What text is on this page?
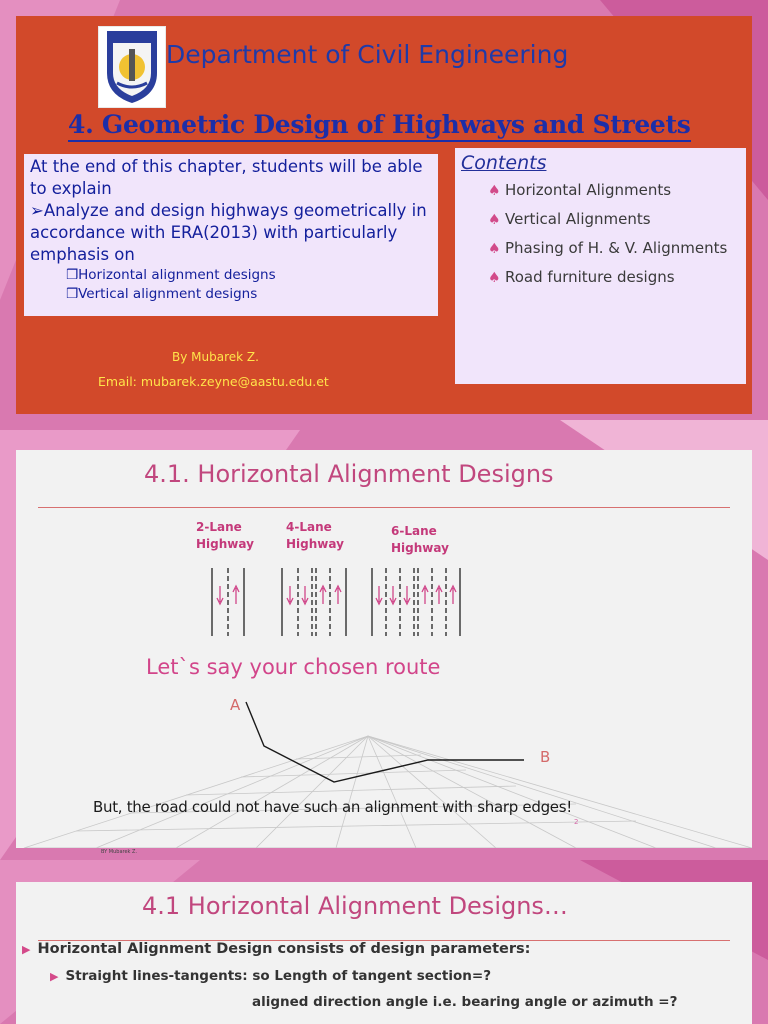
Department of Civil Engineering
4. Geometric Design of Highways and Streets
At the end of this chapter, students will be able to explain
➢Analyze and design highways geometrically in accordance with ERA(2013) with particularly emphasis on
❒Horizontal alignment designs
❒Vertical alignment designs
Contents
♠ Horizontal Alignments
♠ Vertical Alignments
♠ Phasing of H. & V. Alignments
♠ Road furniture designs
By Mubarek Z.
Email: mubarek.zeyne@aastu.edu.et
4.1. Horizontal Alignment Designs
2-Lane
Highway
4-Lane
Highway
6-Lane
Highway
Let`s say your chosen route
A
B
But, the road could not have such an alignment with sharp edges!
2
BY Mubarek Z.
4.1 Horizontal Alignment Designs…
▶ Horizontal Alignment Design consists of design parameters:
▶ Straight lines-tangents: so Length of tangent section=?
aligned direction angle i.e. bearing angle or azimuth =?
